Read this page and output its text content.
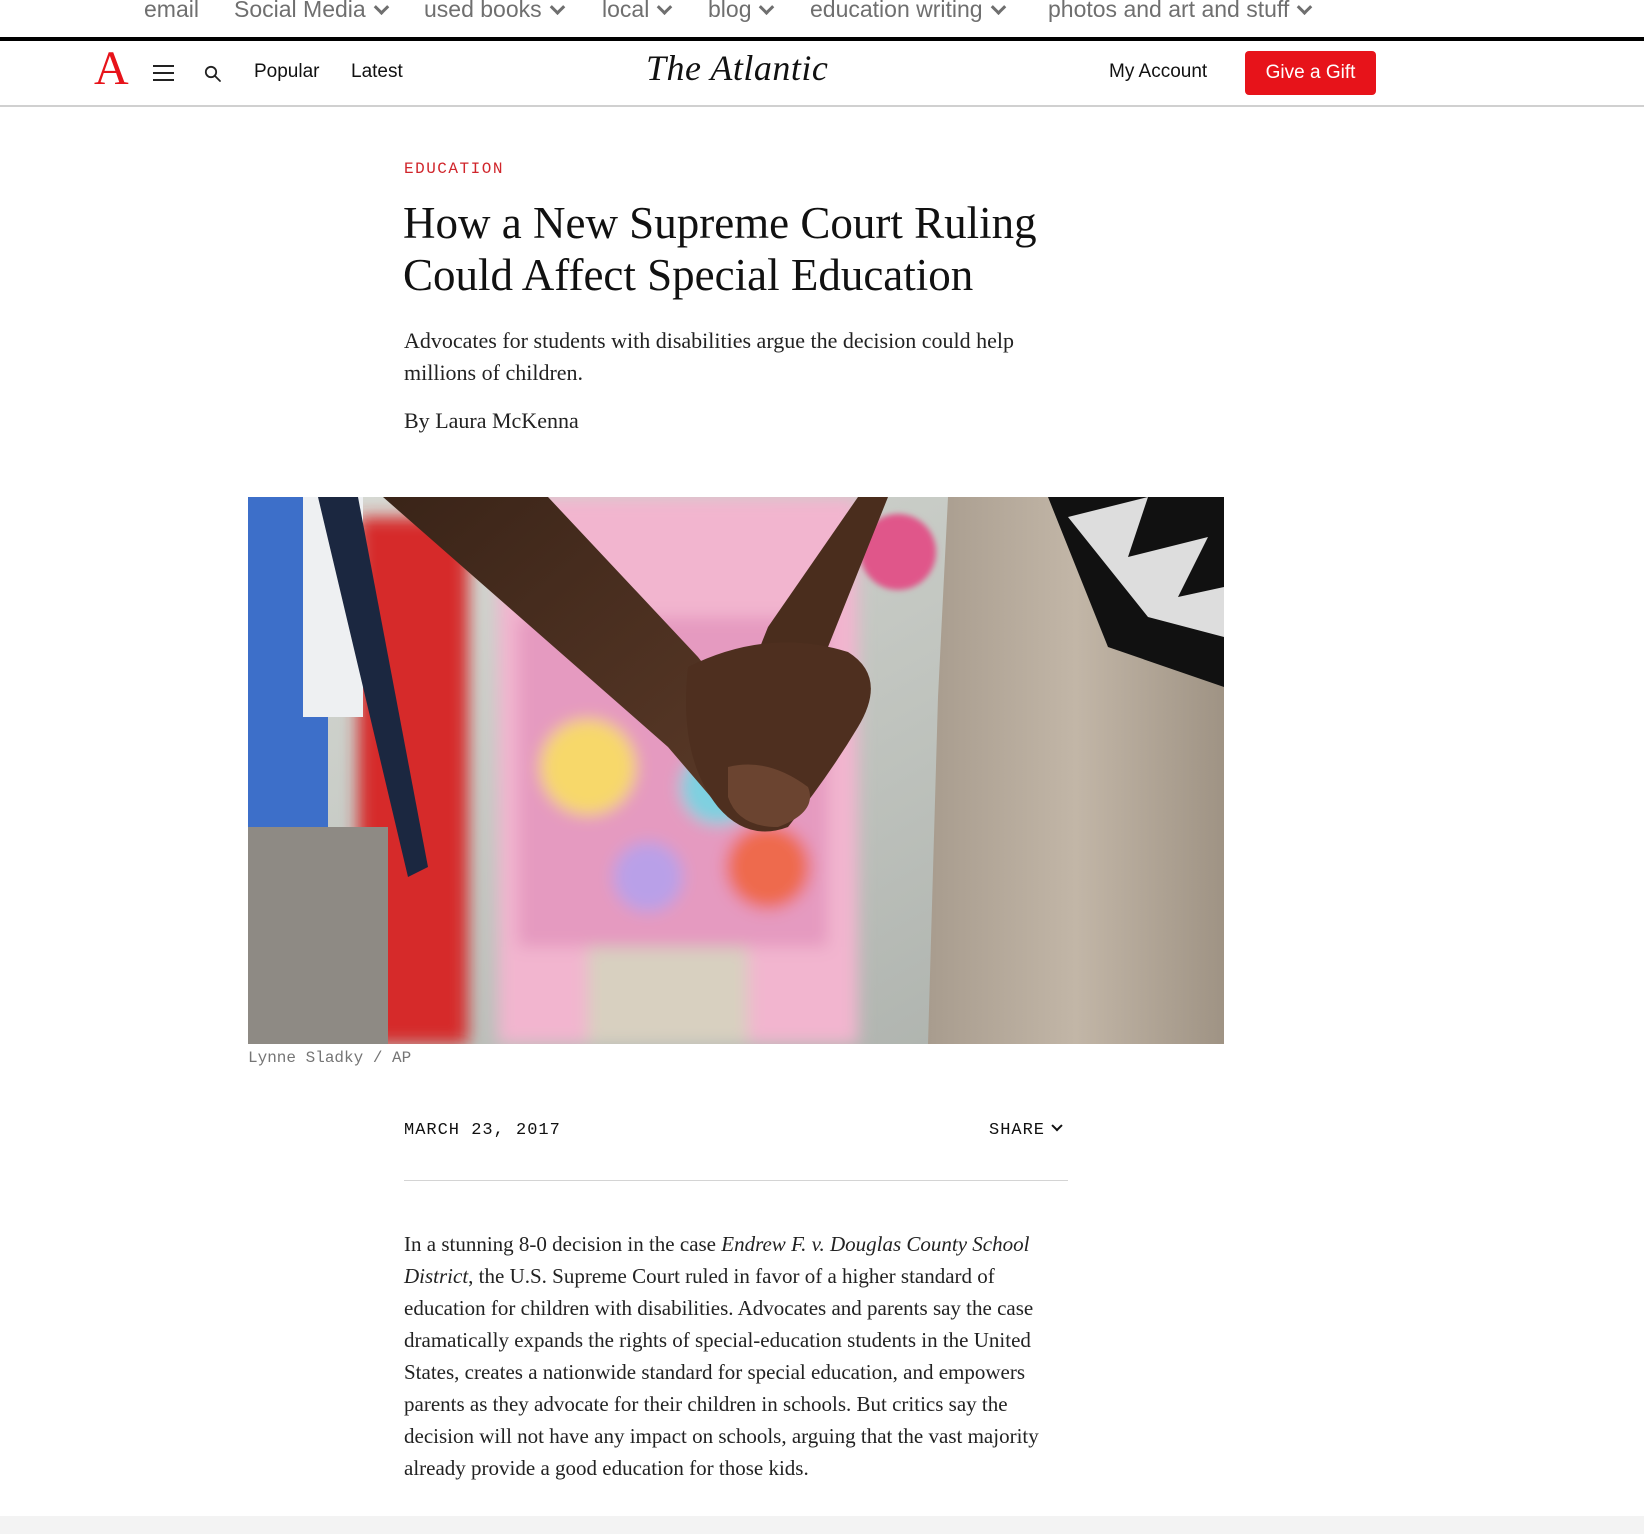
email Social Media	used books	local	blog	education writing	photos and art and stuff
A	Popular Latest	The Atlantic	My Account	Give a Gift
EDUCATION
How a New Supreme Court Ruling Could Affect Special Education

Advocates for students with disabilities argue the decision could help millions of children.

By Laura McKenna
Lynne Sladky / AP
MARCH 23, 2017	SHARE

In a stunning 8-0 decision in the case Endrew F. v. Douglas County School District, the U.S. Supreme Court ruled in favor of a higher standard of education for children with disabilities. Advocates and parents say the case dramatically expands the rights of special-education students in the United States, creates a nationwide standard for special education, and empowers parents as they advocate for their children in schools. But critics say the decision will not have any impact on schools, arguing that the vast majority already provide a good education for those kids.
